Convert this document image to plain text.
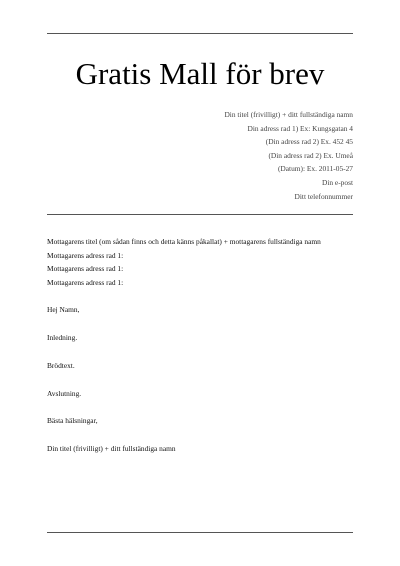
Gratis Mall för brev
Din titel (frivilligt) + ditt fullständiga namn
Din adress rad 1) Ex: Kungsgatan 4
(Din adress rad 2) Ex. 452 45
(Din adress rad 2) Ex. Umeå
(Datum): Ex. 2011-05-27
Din e-post
Ditt telefonnummer
Mottagarens titel (om sådan finns och detta känns påkallat) + mottagarens fullständiga namn
Mottagarens adress rad 1:
Mottagarens adress rad 1:
Mottagarens adress rad 1:
Hej Namn,
Inledning.
Brödtext.
Avslutning.
Bästa hälsningar,
Din titel (frivilligt) + ditt fullständiga namn
